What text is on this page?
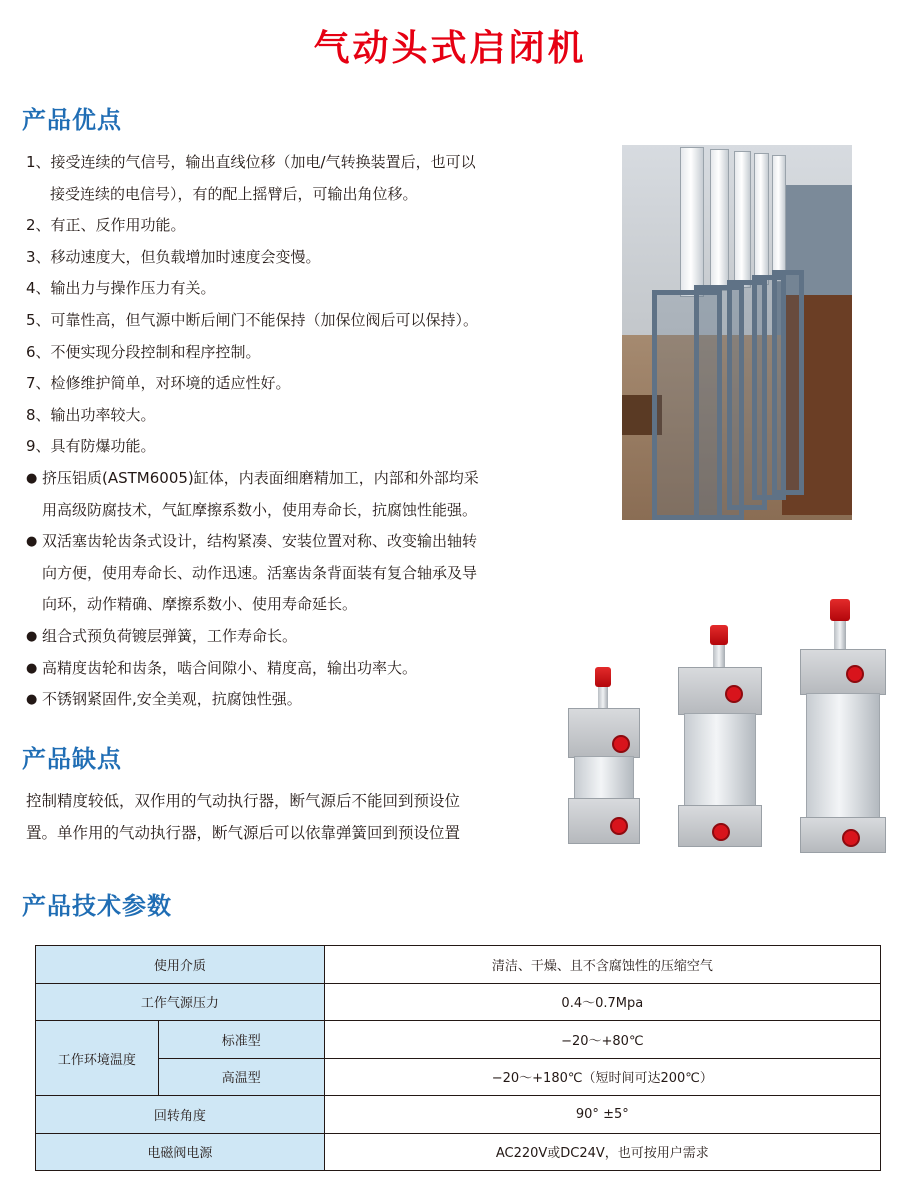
气动头式启闭机
产品优点
1、接受连续的气信号，输出直线位移（加电/气转换装置后，也可以
接受连续的电信号），有的配上摇臂后，可输出角位移。
2、有正、反作用功能。
3、移动速度大，但负载增加时速度会变慢。
4、输出力与操作压力有关。
5、可靠性高，但气源中断后闸门不能保持（加保位阀后可以保持）。
6、不便实现分段控制和程序控制。
7、检修维护简单，对环境的适应性好。
8、输出功率较大。
9、具有防爆功能。
● 挤压铝质(ASTM6005)缸体，内表面细磨精加工，内部和外部均采
用高级防腐技术，气缸摩擦系数小，使用寿命长，抗腐蚀性能强。
● 双活塞齿轮齿条式设计，结构紧凑、安装位置对称、改变输出轴转
向方便，使用寿命长、动作迅速。活塞齿条背面装有复合轴承及导
向环，动作精确、摩擦系数小、使用寿命延长。
● 组合式预负荷镀层弹簧，工作寿命长。
● 高精度齿轮和齿条，啮合间隙小、精度高，输出功率大。
● 不锈钢紧固件,安全美观，抗腐蚀性强。
产品缺点
控制精度较低，双作用的气动执行器，断气源后不能回到预设位
置。单作用的气动执行器，断气源后可以依靠弹簧回到预设位置
产品技术参数
使用介质		清洁、干燥、且不含腐蚀性的压缩空气
工作气源压力		0.4～0.7Mpa
工作环境温度	标准型	−20～+80℃
	高温型	−20～+180℃（短时间可达200℃）
回转角度		90° ±5°
电磁阀电源		AC220V或DC24V，也可按用户需求
